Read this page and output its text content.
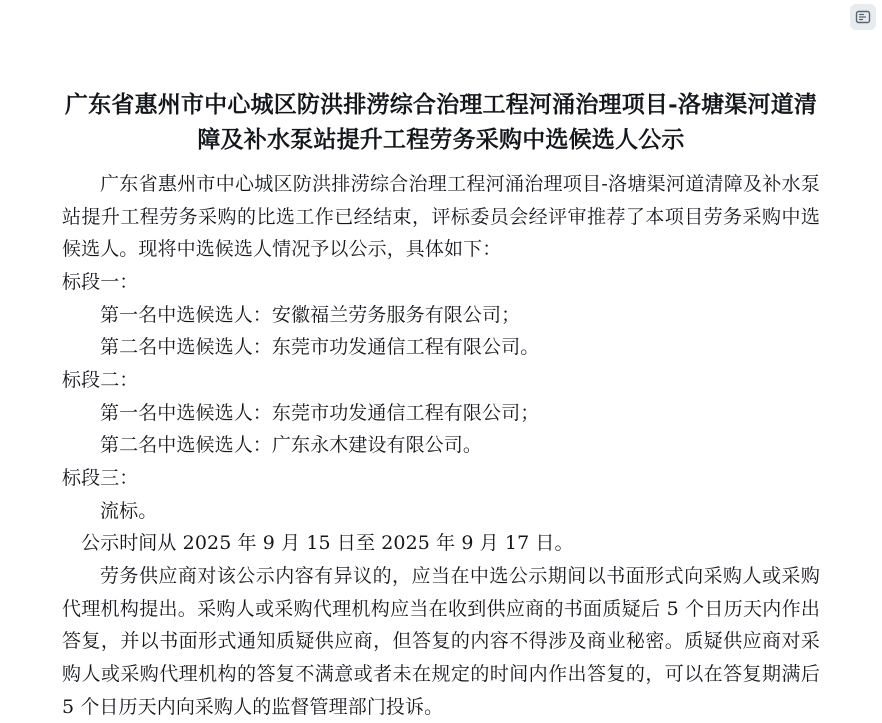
广东省惠州市中心城区防洪排涝综合治理工程河涌治理项目-洛塘渠河道清障及补水泵站提升工程劳务采购中选候选人公示

广东省惠州市中心城区防洪排涝综合治理工程河涌治理项目-洛塘渠河道清障及补水泵站提升工程劳务采购的比选工作已经结束，评标委员会经评审推荐了本项目劳务采购中选候选人。现将中选候选人情况予以公示，具体如下：

标段一：

第一名中选候选人：安徽福兰劳务服务有限公司；

第二名中选候选人：东莞市功发通信工程有限公司。

标段二：

第一名中选候选人：东莞市功发通信工程有限公司；

第二名中选候选人：广东永木建设有限公司。

标段三：

流标。

公示时间从 2025 年 9 月 15 日至 2025 年 9 月 17 日。

劳务供应商对该公示内容有异议的，应当在中选公示期间以书面形式向采购人或采购代理机构提出。采购人或采购代理机构应当在收到供应商的书面质疑后 5 个日历天内作出答复，并以书面形式通知质疑供应商，但答复的内容不得涉及商业秘密。质疑供应商对采购人或采购代理机构的答复不满意或者未在规定的时间内作出答复的，可以在答复期满后 5 个日历天内向采购人的监督管理部门投诉。
